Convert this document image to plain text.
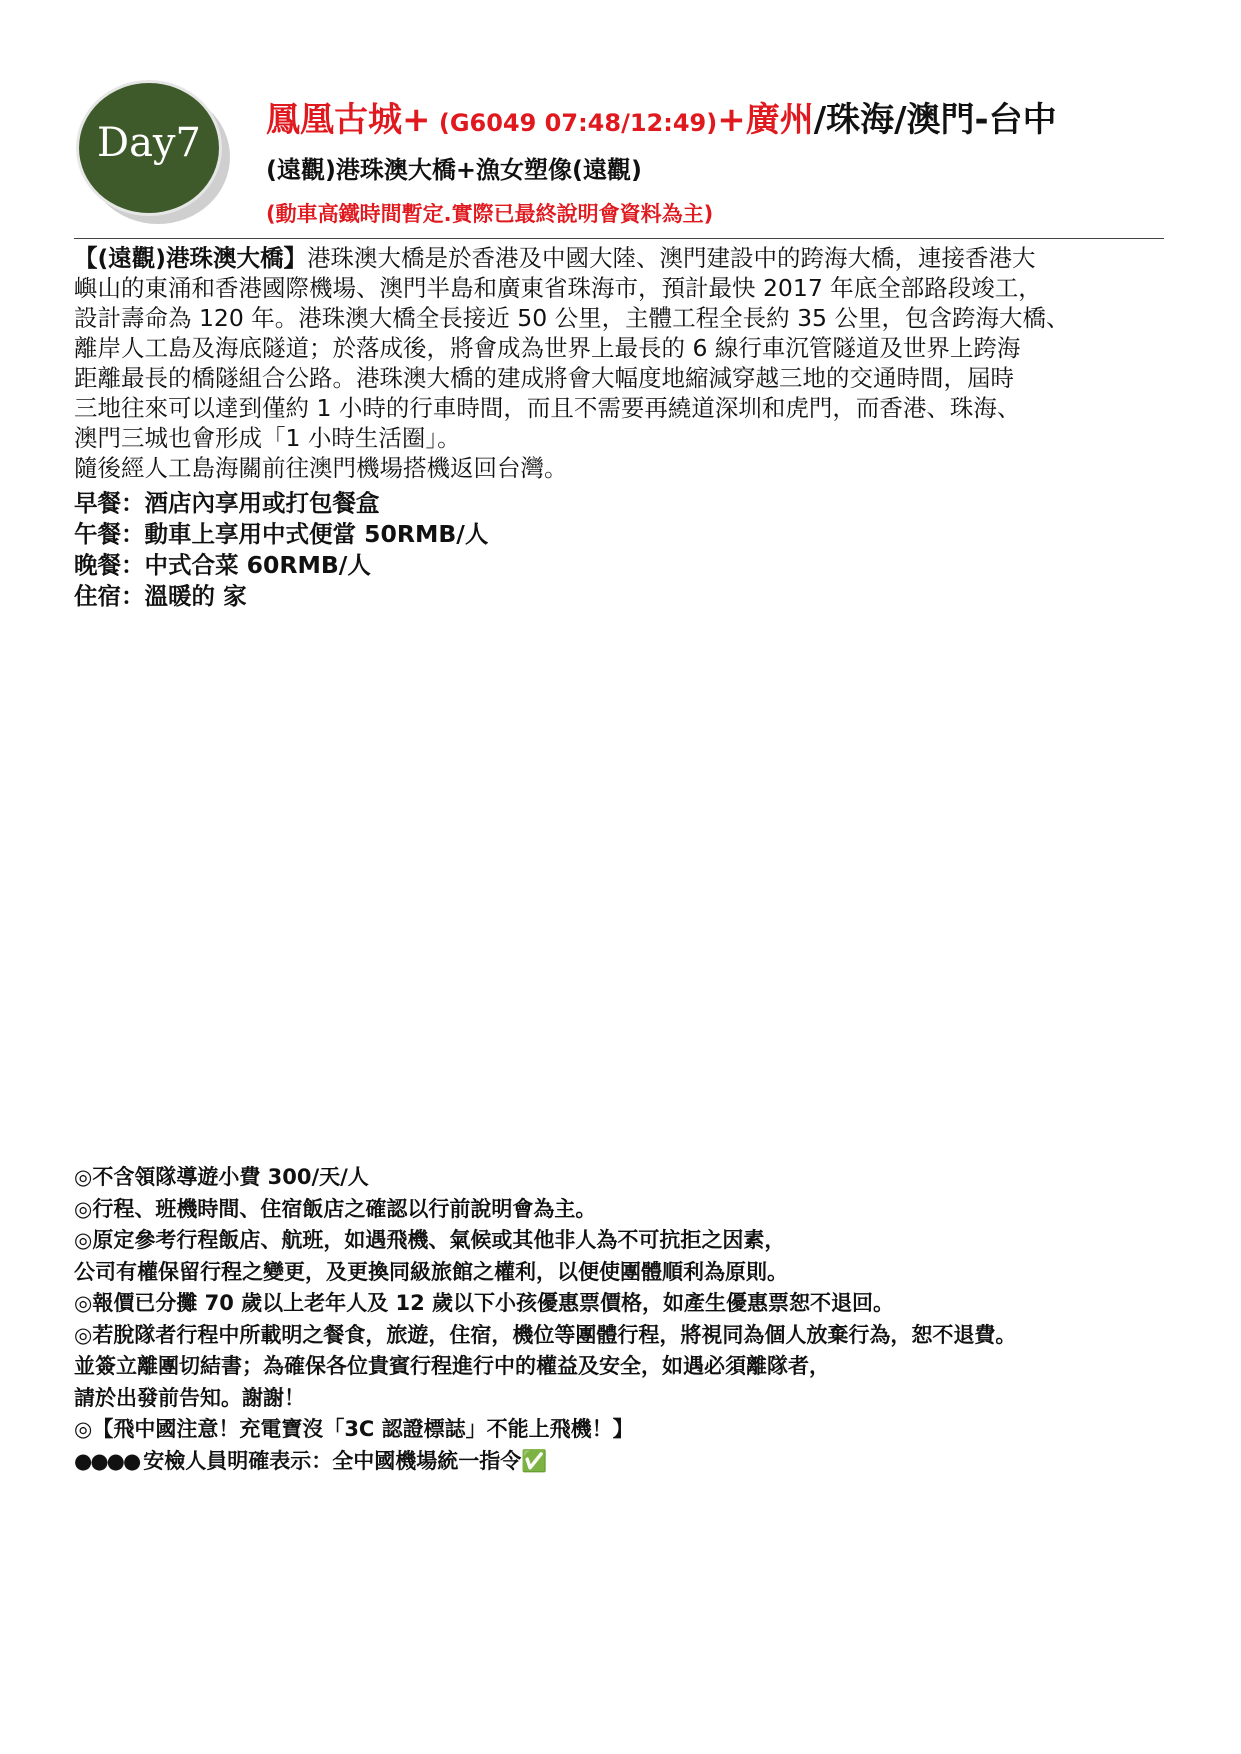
Day7	鳳凰古城+ (G6049 07:48/12:49)+廣州/珠海/澳門-台中
(遠觀)港珠澳大橋+漁女塑像(遠觀)
(動車高鐵時間暫定.實際已最終說明會資料為主)
【(遠觀)港珠澳大橋】港珠澳大橋是於香港及中國大陸、澳門建設中的跨海大橋，連接香港大
嶼山的東涌和香港國際機場、澳門半島和廣東省珠海市，預計最快 2017 年底全部路段竣工，
設計壽命為 120 年。港珠澳大橋全長接近 50 公里，主體工程全長約 35 公里，包含跨海大橋、
離岸人工島及海底隧道；於落成後，將會成為世界上最長的 6 線行車沉管隧道及世界上跨海
距離最長的橋隧組合公路。港珠澳大橋的建成將會大幅度地縮減穿越三地的交通時間，屆時
三地往來可以達到僅約 1 小時的行車時間，而且不需要再繞道深圳和虎門，而香港、珠海、
澳門三城也會形成「1 小時生活圈」。
隨後經人工島海關前往澳門機場搭機返回台灣。
早餐：酒店內享用或打包餐盒
午餐：動車上享用中式便當 50RMB/人
晚餐：中式合菜 60RMB/人
住宿：溫暖的 家
◎不含領隊導遊小費 300/天/人
◎行程、班機時間、住宿飯店之確認以行前說明會為主。
◎原定參考行程飯店、航班，如遇飛機、氣候或其他非人為不可抗拒之因素，
公司有權保留行程之變更，及更換同級旅館之權利，以便使團體順利為原則。
◎報價已分攤 70 歲以上老年人及 12 歲以下小孩優惠票價格，如產生優惠票恕不退回。
◎若脫隊者行程中所載明之餐食，旅遊，住宿，機位等團體行程，將視同為個人放棄行為，恕不退費。
並簽立離團切結書；為確保各位貴賓行程進行中的權益及安全，如遇必須離隊者，
請於出發前告知。謝謝！
◎【飛中國注意！充電寶沒「3C 認證標誌」不能上飛機！】
●●●● 安檢人員明確表示：全中國機場統一指令✅
